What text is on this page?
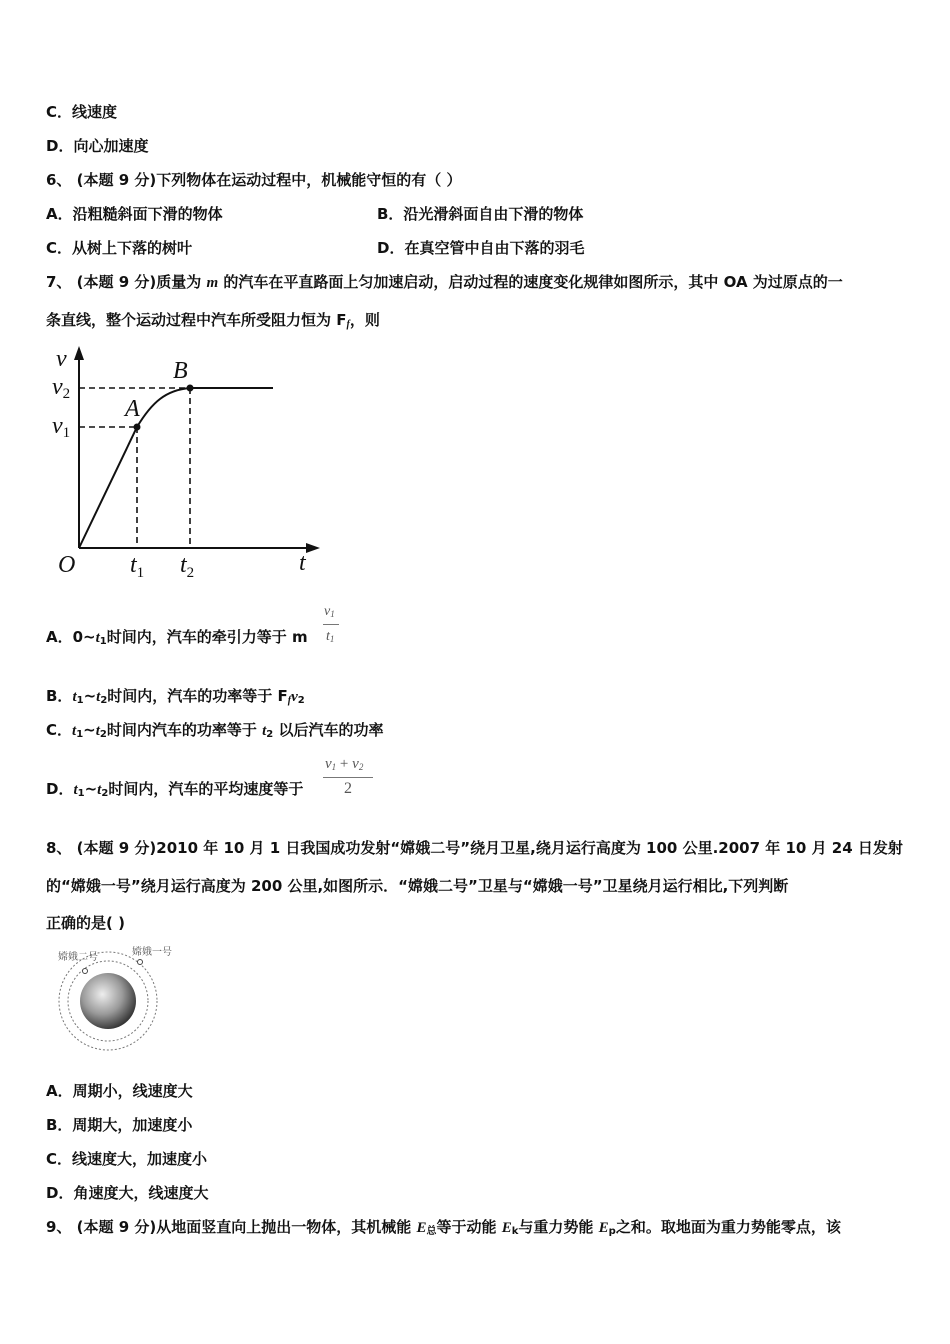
C．线速度
D．向心加速度
6、 (本题 9 分)下列物体在运动过程中，机械能守恒的有（ ）
A．沿粗糙斜面下滑的物体	B．沿光滑斜面自由下滑的物体
C．从树上下落的树叶	D．在真空管中自由下落的羽毛
7、 (本题 9 分)质量为 m 的汽车在平直路面上匀加速启动，启动过程的速度变化规律如图所示，其中 OA 为过原点的一
条直线，整个运动过程中汽车所受阻力恒为 $F_f$，则
v
t
O
A
B
v2
v1
$t_1$ $t_2$
A．$0\sim t_1$时间内，汽车的牵引力等于 m
$v_1$
$t_1$
B．$t_1\sim t_2$时间内，汽车的功率等于 $F_fv_2$
C．$t_1\sim t_2$时间内汽车的功率等于 $t_2$ 以后汽车的功率
D．$t_1\sim t_2$时间内，汽车的平均速度等于
$v_1 + v_2$
2
8、 (本题 9 分)2010 年 10 月 1 日我国成功发射“嫦娥二号”绕月卫星,绕月运行高度为 100 公里.2007 年 10 月 24 日发射
的“嫦娥一号”绕月运行高度为 200 公里,如图所示．“嫦娥二号”卫星与“嫦娥一号”卫星绕月运行相比,下列判断
正确的是( )
嫦娥二号	嫦娥一号
A．周期小，线速度大
B．周期大，加速度小
C．线速度大，加速度小
D．角速度大，线速度大
9、 (本题 9 分)从地面竖直向上抛出一物体，其机械能 $E_总$等于动能 $E_k$与重力势能 $E_p$之和。取地面为重力势能零点，该
